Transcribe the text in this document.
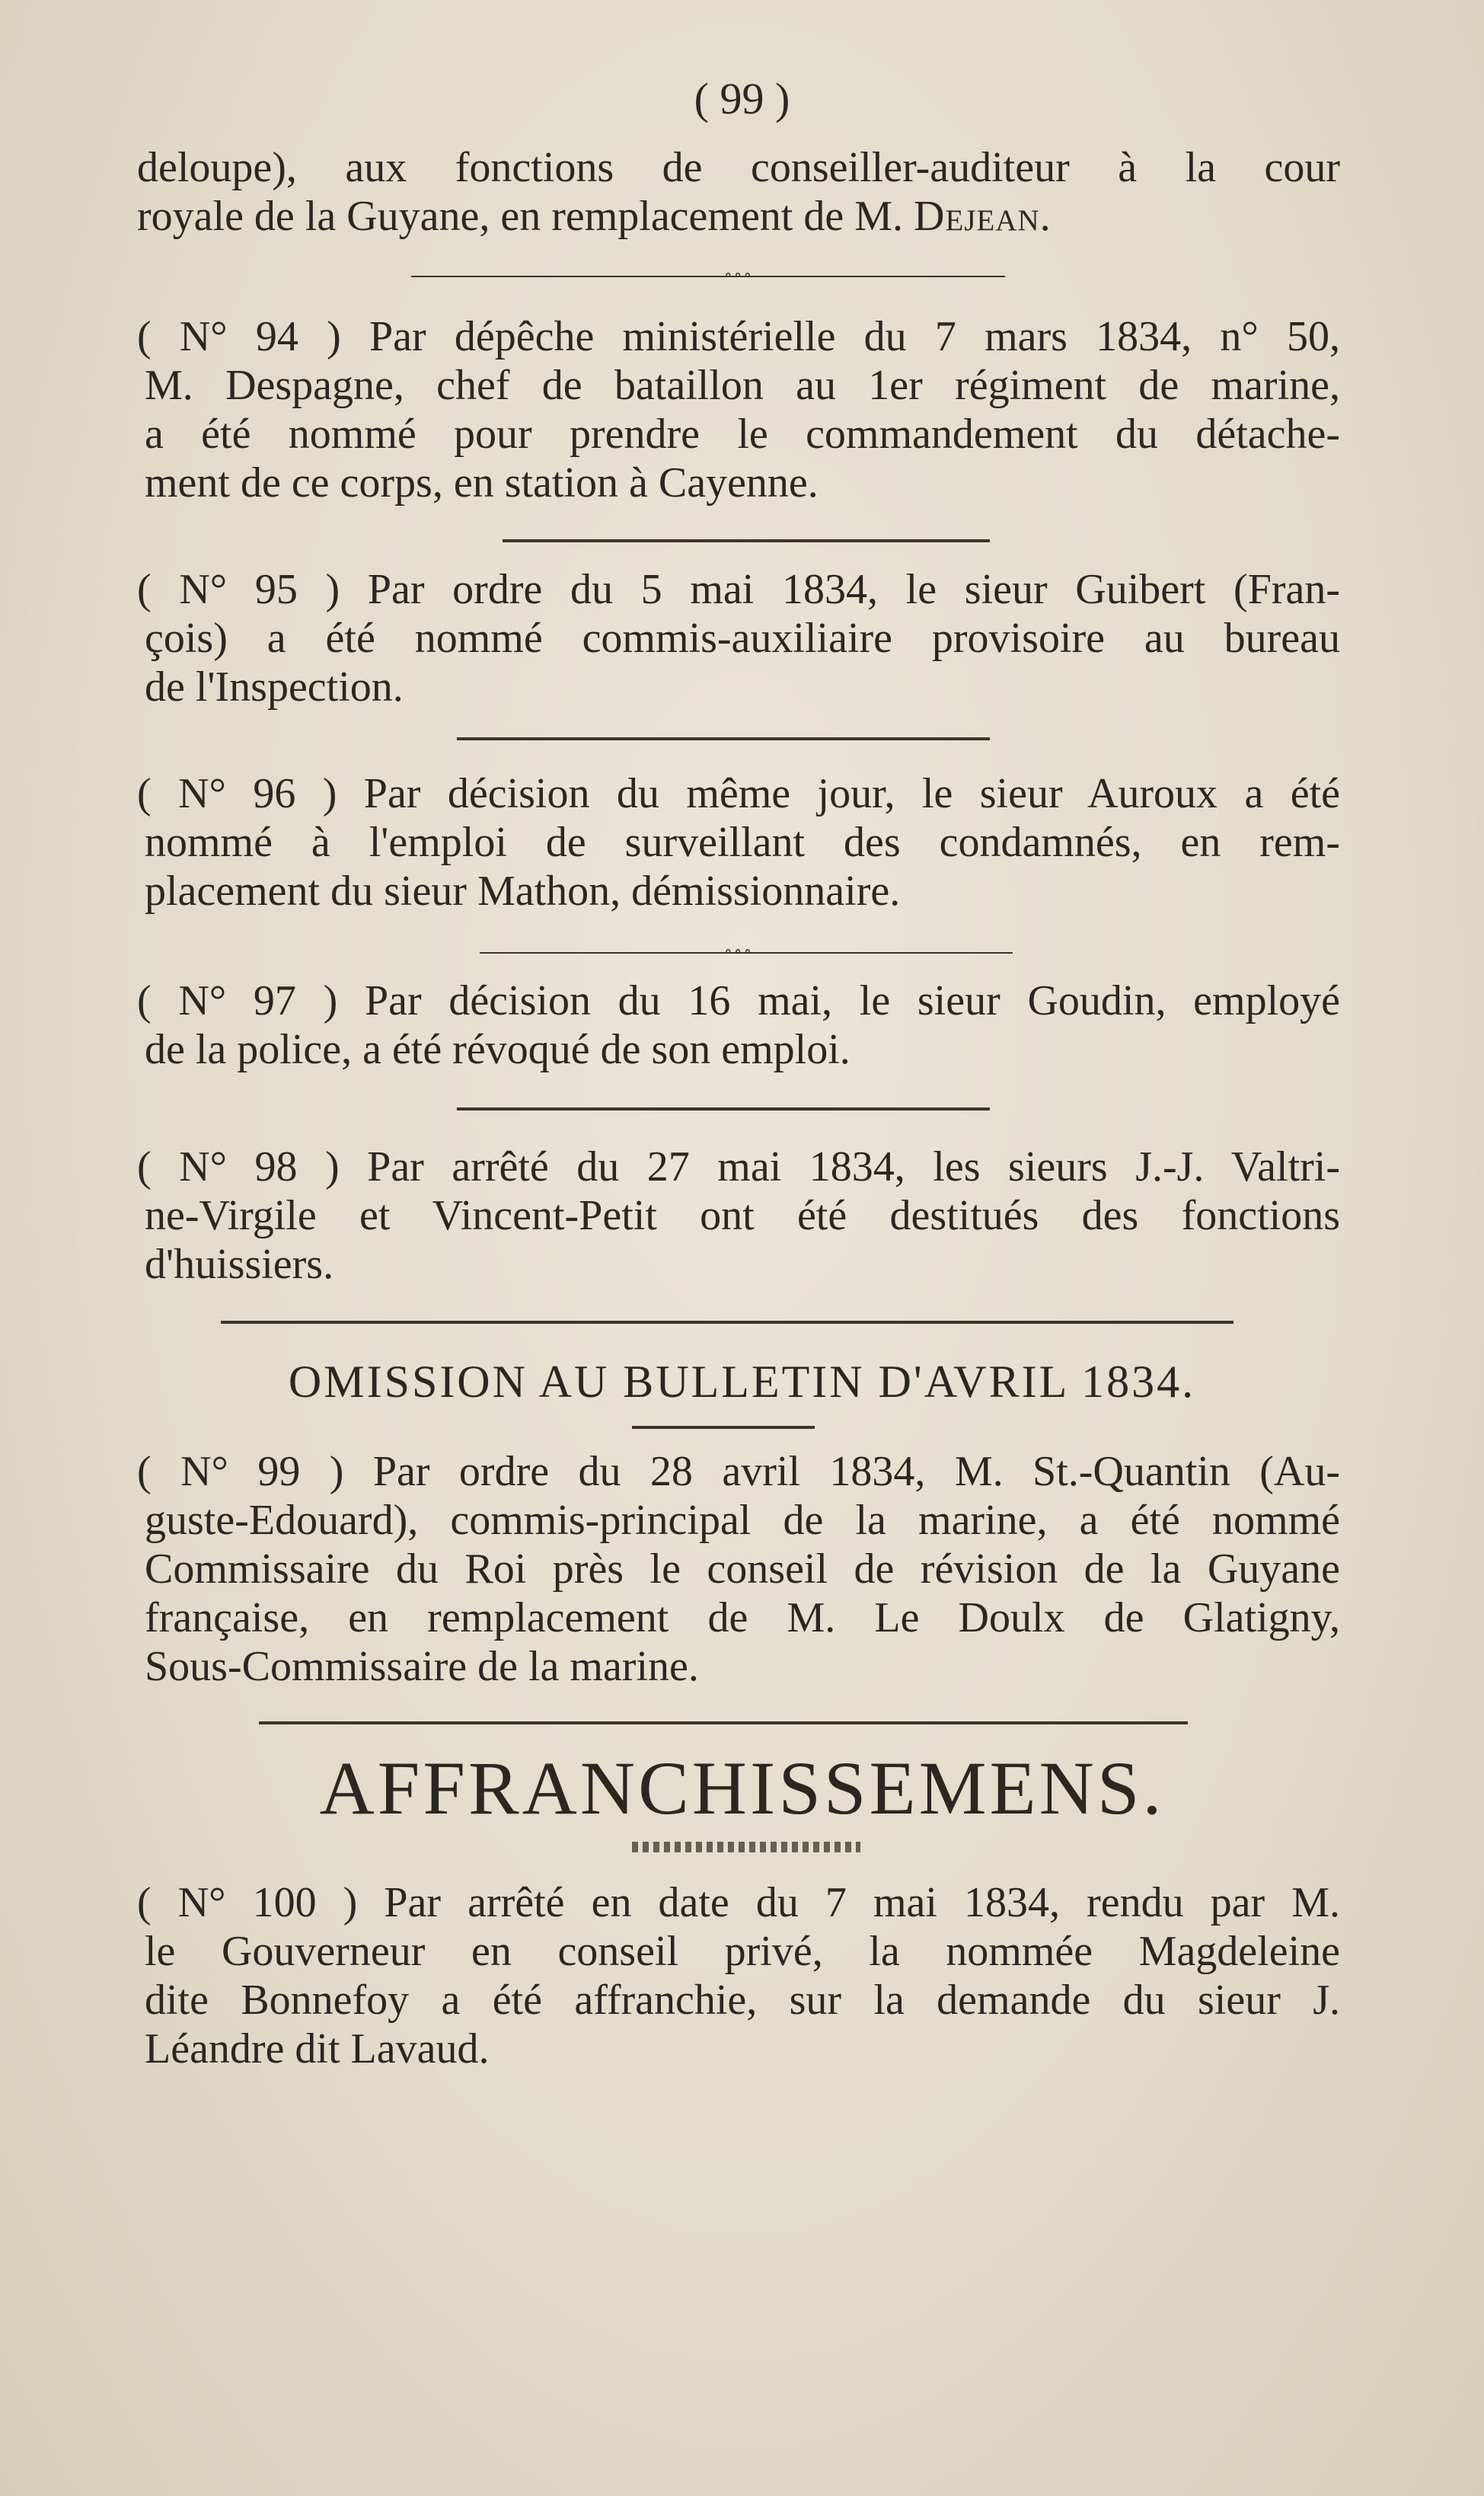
( 99 )
deloupe), aux fonctions de conseiller-auditeur à la cour
royale de la Guyane, en remplacement de M. Dejean.
∘∘∘
( N° 94 ) Par dépêche ministérielle du 7 mars 1834, n° 50,
M. Despagne, chef de bataillon au 1er régiment de marine,
a été nommé pour prendre le commandement du détache-
ment de ce corps, en station à Cayenne.
( N° 95 ) Par ordre du 5 mai 1834, le sieur Guibert (Fran-
çois) a été nommé commis-auxiliaire provisoire au bureau
de l'Inspection.
( N° 96 ) Par décision du même jour, le sieur Auroux a été
nommé à l'emploi de surveillant des condamnés, en rem-
placement du sieur Mathon, démissionnaire.
∘∘∘
( N° 97 ) Par décision du 16 mai, le sieur Goudin, employé
de la police, a été révoqué de son emploi.
( N° 98 ) Par arrêté du 27 mai 1834, les sieurs J.-J. Valtri-
ne-Virgile et Vincent-Petit ont été destitués des fonctions
d'huissiers.
OMISSION AU BULLETIN D'AVRIL 1834.
( N° 99 ) Par ordre du 28 avril 1834, M. St.-Quantin (Au-
guste-Edouard), commis-principal de la marine, a été nommé
Commissaire du Roi près le conseil de révision de la Guyane
française, en remplacement de M. Le Doulx de Glatigny,
Sous-Commissaire de la marine.
AFFRANCHISSEMENS.
( N° 100 ) Par arrêté en date du 7 mai 1834, rendu par M.
le Gouverneur en conseil privé, la nommée Magdeleine
dite Bonnefoy a été affranchie, sur la demande du sieur J.
Léandre dit Lavaud.
